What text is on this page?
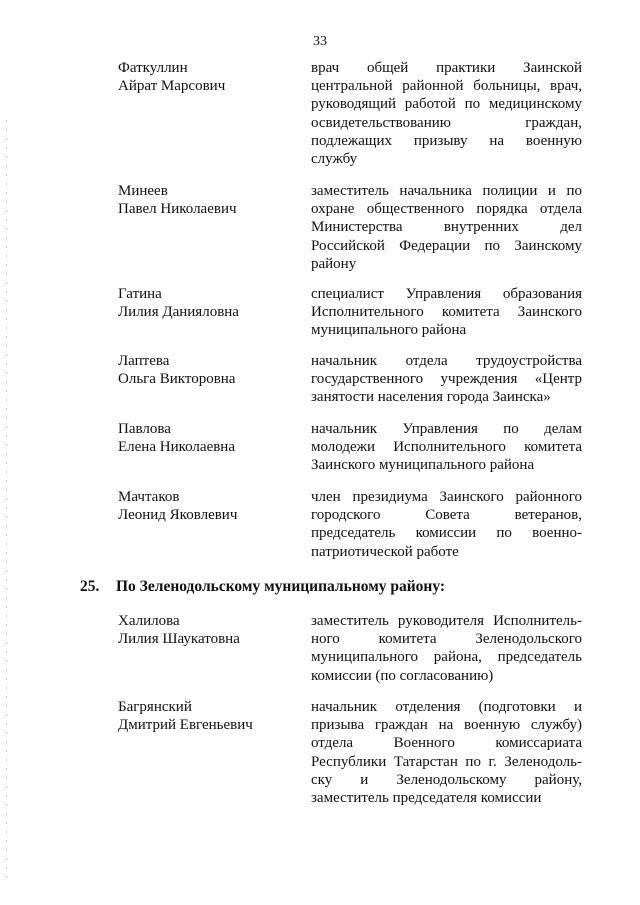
33
Фаткуллин
Айрат Марсович
врач общей практики Заинской
центральной районной больницы, врач,
руководящий работой по медицинскому
освидетельствованию граждан,
подлежащих призыву на военную
службу
Минеев
Павел Николаевич
заместитель начальника полиции и по
охране общественного порядка отдела
Министерства внутренних дел
Российской Федерации по Заинскому
району
Гатина
Лилия Данияловна
специалист Управления образования
Исполнительного комитета Заинского
муниципального района
Лаптева
Ольга Викторовна
начальник отдела трудоустройства
государственного учреждения «Центр
занятости населения города Заинска»
Павлова
Елена Николаевна
начальник Управления по делам
молодежи Исполнительного комитета
Заинского муниципального района
Мачтаков
Леонид Яковлевич
член президиума Заинского районного
городского Совета ветеранов,
председатель комиссии по военно-
патриотической работе
25. По Зеленодольскому муниципальному району:
Халилова
Лилия Шаукатовна
заместитель руководителя Исполнитель-
ного комитета Зеленодольского
муниципального района, председатель
комиссии (по согласованию)
Багрянский
Дмитрий Евгеньевич
начальник отделения (подготовки и
призыва граждан на военную службу)
отдела Военного комиссариата
Республики Татарстан по г. Зеленодоль-
ску и Зеленодольскому району,
заместитель председателя комиссии
